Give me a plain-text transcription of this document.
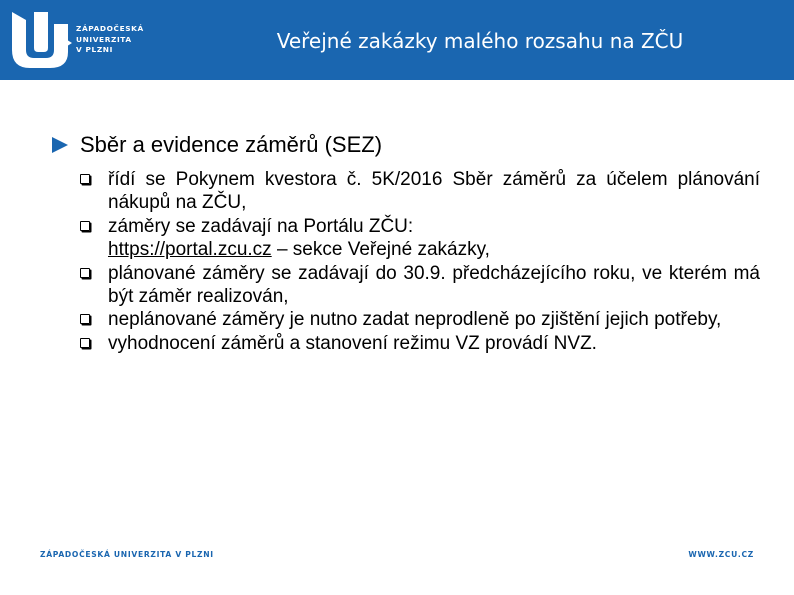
ZÁPADOČESKÁ
UNIVERZITA
V PLZNI	Veřejné zakázky malého rozsahu na ZČU
Sběr a evidence záměrů (SEZ)
řídí se Pokynem kvestora č. 5K/2016 Sběr záměrů za účelem plánování nákupů na ZČU,
záměry se zadávají na Portálu ZČU:
https://portal.zcu.cz – sekce Veřejné zakázky,
plánované záměry se zadávají do 30.9. předcházejícího roku, ve kterém má být záměr realizován,
neplánované záměry je nutno zadat neprodleně po zjištění jejich potřeby,
vyhodnocení záměrů a stanovení režimu VZ provádí NVZ.
ZÁPADOČESKÁ UNIVERZITA V PLZNI	WWW.ZCU.CZ
